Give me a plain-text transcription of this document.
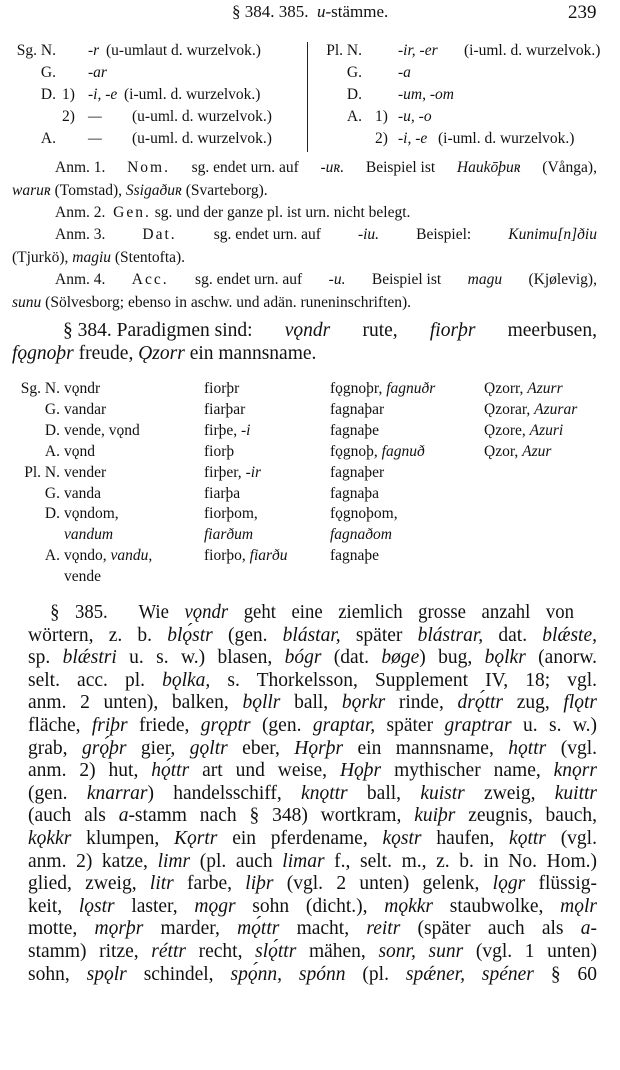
§ 384. 385. u-stämme.	239
Sg. N. -r (u-umlaut d. wurzelvok.)
G. -ar
D. 1) -i, -e (i-uml. d. wurzelvok.)
2) — (u-uml. d. wurzelvok.)
A. — (u-uml. d. wurzelvok.)
Pl. N. -ir, -er (i-uml. d. wurzelvok.)
G. -a
D. -um, -om
A. 1) -u, -o
2) -i, -e (i-uml. d. wurzelvok.)
Anm. 1. Nom. sg. endet urn. auf -uʀ. Beispiel ist Haukōþuʀ (Vånga),
waruʀ (Tomstad), Ssigaðuʀ (Svarteborg).
Anm. 2. Gen. sg. und der ganze pl. ist urn. nicht belegt.
Anm. 3. Dat. sg. endet urn. auf -iu. Beispiel: Kunimu[n]ðiu
(Tjurkö), magiu (Stentofta).
Anm. 4. Acc. sg. endet urn. auf -u. Beispiel ist magu (Kjølevig),
sunu (Sölvesborg; ebenso in aschw. und adän. runeninschriften).
§ 384. Paradigmen sind: vǫndr rute, fiorþr meerbusen,
fǫgnoþr freude, Ǫzorr ein mannsname.
Sg. N. vǫndr	fiorþr	fǫgnoþr, fagnuðr	Ǫzorr, Azurr
G. vandar	fiarþar	fagnaþar	Ǫzorar, Azurar
D. vende, vǫnd	firþe, -i	fagnaþe	Ǫzore, Azuri
A. vǫnd	fiorþ	fǫgnoþ, fagnuð	Ǫzor, Azur
Pl. N. vender	firþer, -ir	fagnaþer
G. vanda	fiarþa	fagnaþa
D. vǫndom,	fiorþom,	fǫgnoþom,
vandum	fiarðum	fagnaðom
A. vǫndo, vandu,	fiorþo, fiarðu	fagnaþe
vende
§ 385.  Wie vǫndr geht eine ziemlich grosse anzahl von
wörtern, z. b. blǫ́str (gen. blástar, später blástrar, dat. blǽste,
sp. blǽstri u. s. w.) blasen, bógr (dat. bøge) bug, bǫlkr (anorw.
selt. acc. pl. bǫlka, s. Thorkelsson, Supplement IV, 18; vgl.
anm. 2 unten), balken, bǫllr ball, bǫrkr rinde, drǫ́ttr zug, flǫtr
fläche, friþr friede, grǫptr (gen. graptar, später graptrar u. s. w.)
grab, grǫ́þr gier, gǫltr eber, Hǫrþr ein mannsname, hǫttr (vgl.
anm. 2) hut, hǫ́ttr art und weise, Hǫþr mythischer name, knǫrr
(gen. knarrar) handelsschiff, knǫttr ball, kuistr zweig, kuittr
(auch als a-stamm nach § 348) wortkram, kuiþr zeugnis, bauch,
kǫkkr klumpen, Kǫrtr ein pferdename, kǫstr haufen, kǫttr (vgl.
anm. 2) katze, limr (pl. auch limar f., selt. m., z. b. in No. Hom.)
glied, zweig, litr farbe, liþr (vgl. 2 unten) gelenk, lǫgr flüssig-
keit, lǫstr laster, mǫgr sohn (dicht.), mǫkkr staubwolke, mǫlr
motte, mǫrþr marder, mǫ́ttr macht, reitr (später auch als a-
stamm) ritze, réttr recht, slǫ́ttr mähen, sonr, sunr (vgl. 1 unten)
sohn, spǫlr schindel, spǫ́nn, spónn (pl. spǽner, spéner § 60
